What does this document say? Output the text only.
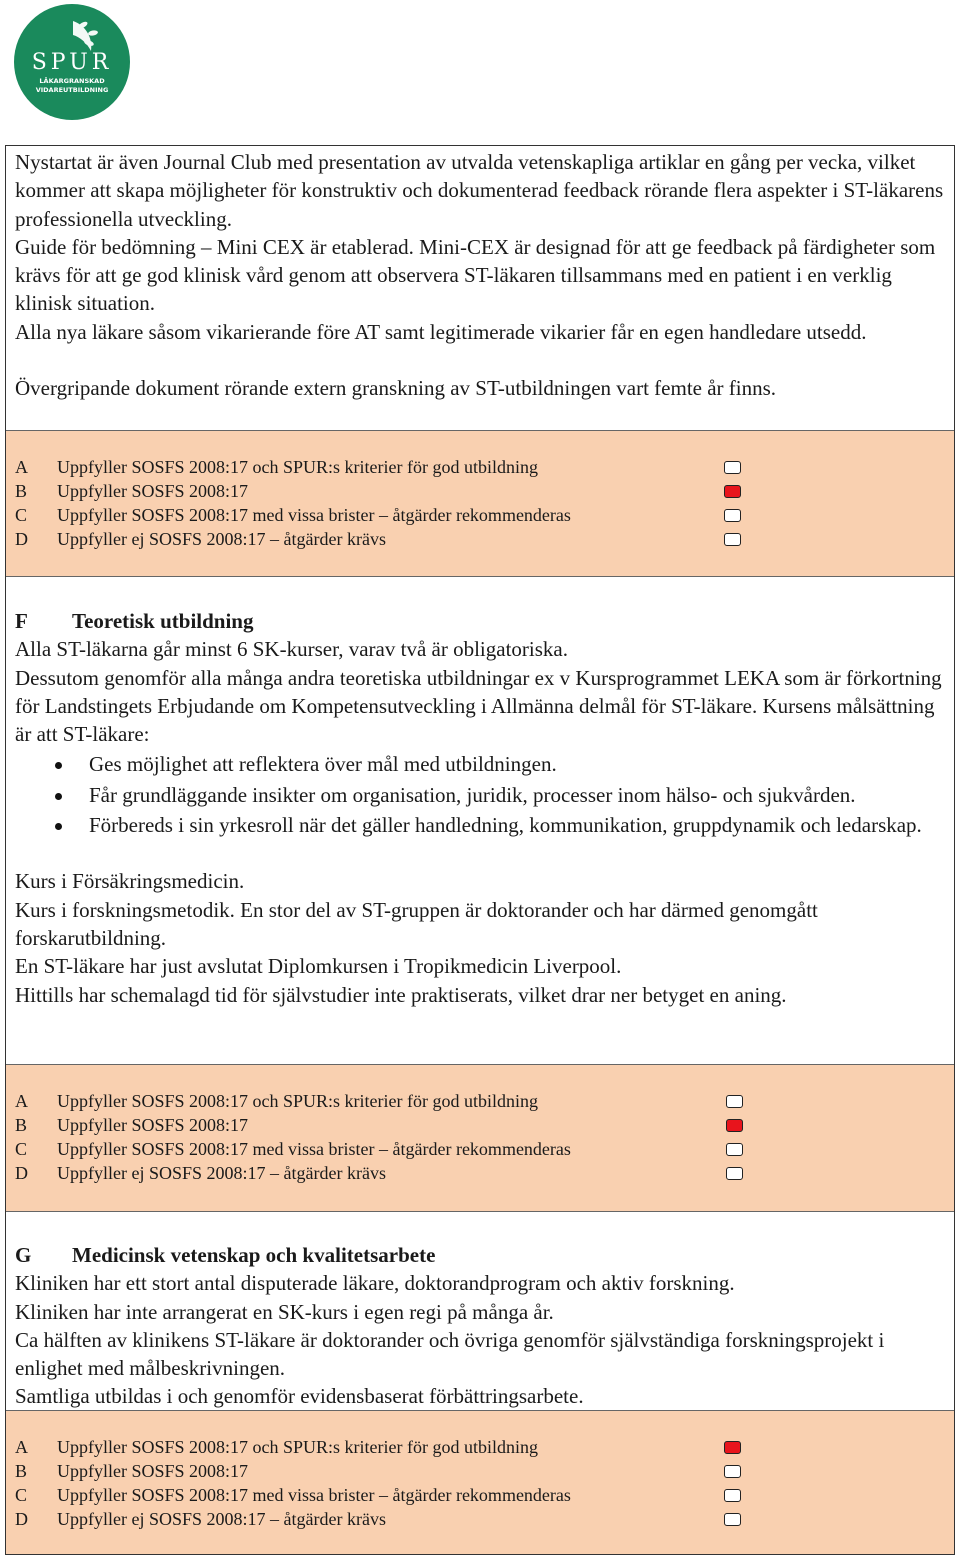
SPUR
LÄKARGRANSKAD
VIDAREUTBILDNING

Nystartat är även Journal Club med presentation av utvalda vetenskapliga artiklar en gång per vecka, vilket kommer att skapa möjligheter för konstruktiv och dokumenterad feedback rörande flera aspekter i ST-läkarens professionella utveckling.

Guide för bedömning – Mini CEX är etablerad. Mini-CEX är designad för att ge feedback på färdigheter som krävs för att ge god klinisk vård genom att observera ST-läkaren tillsammans med en patient i en verklig klinisk situation.

Alla nya läkare såsom vikarierande före AT samt legitimerade vikarier får en egen handledare utsedd.

Övergripande dokument rörande extern granskning av ST-utbildningen vart femte år finns.

A Uppfyller SOSFS 2008:17 och SPUR:s kriterier för god utbildning
B Uppfyller SOSFS 2008:17
C Uppfyller SOSFS 2008:17 med vissa brister – åtgärder rekommenderas
D Uppfyller ej SOSFS 2008:17 – åtgärder krävs
F Teoretisk utbildning

Alla ST-läkarna går minst 6 SK-kurser, varav två är obligatoriska.

Dessutom genomför alla många andra teoretiska utbildningar ex v Kursprogrammet LEKA som är förkortning för Landstingets Erbjudande om Kompetensutveckling i Allmänna delmål för ST-läkare. Kursens målsättning är att ST-läkare:

Ges möjlighet att reflektera över mål med utbildningen.
Får grundläggande insikter om organisation, juridik, processer inom hälso- och sjukvården.
Förbereds i sin yrkesroll när det gäller handledning, kommunikation, gruppdynamik och ledarskap.

Kurs i Försäkringsmedicin.

Kurs i forskningsmetodik. En stor del av ST-gruppen är doktorander och har därmed genomgått forskarutbildning.

En ST-läkare har just avslutat Diplomkursen i Tropikmedicin Liverpool.

Hittills har schemalagd tid för självstudier inte praktiserats, vilket drar ner betyget en aning.

A Uppfyller SOSFS 2008:17 och SPUR:s kriterier för god utbildning
B Uppfyller SOSFS 2008:17
C Uppfyller SOSFS 2008:17 med vissa brister – åtgärder rekommenderas
D Uppfyller ej SOSFS 2008:17 – åtgärder krävs
G Medicinsk vetenskap och kvalitetsarbete

Kliniken har ett stort antal disputerade läkare, doktorandprogram och aktiv forskning.

Kliniken har inte arrangerat en SK-kurs i egen regi på många år.

Ca hälften av klinikens ST-läkare är doktorander och övriga genomför självständiga forskningsprojekt i enlighet med målbeskrivningen.

Samtliga utbildas i och genomför evidensbaserat förbättringsarbete.

A Uppfyller SOSFS 2008:17 och SPUR:s kriterier för god utbildning
B Uppfyller SOSFS 2008:17
C Uppfyller SOSFS 2008:17 med vissa brister – åtgärder rekommenderas
D Uppfyller ej SOSFS 2008:17 – åtgärder krävs
